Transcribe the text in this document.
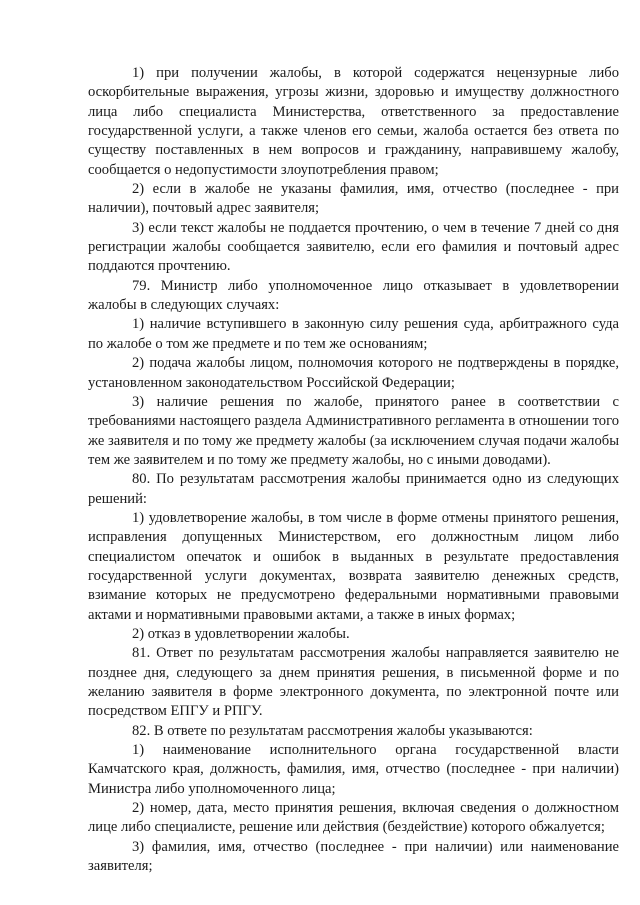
1) при получении жалобы, в которой содержатся нецензурные либо оскорбительные выражения, угрозы жизни, здоровью и имуществу должностного лица либо специалиста Министерства, ответственного за предоставление государственной услуги, а также членов его семьи, жалоба остается без ответа по существу поставленных в нем вопросов и гражданину, направившему жалобу, сообщается о недопустимости злоупотребления правом;

2) если в жалобе не указаны фамилия, имя, отчество (последнее - при наличии), почтовый адрес заявителя;

3) если текст жалобы не поддается прочтению, о чем в течение 7 дней со дня регистрации жалобы сообщается заявителю, если его фамилия и почтовый адрес поддаются прочтению.

79. Министр либо уполномоченное лицо отказывает в удовлетворении жалобы в следующих случаях:

1) наличие вступившего в законную силу решения суда, арбитражного суда по жалобе о том же предмете и по тем же основаниям;

2) подача жалобы лицом, полномочия которого не подтверждены в порядке, установленном законодательством Российской Федерации;

3) наличие решения по жалобе, принятого ранее в соответствии с требованиями настоящего раздела Административного регламента в отношении того же заявителя и по тому же предмету жалобы (за исключением случая подачи жалобы тем же заявителем и по тому же предмету жалобы, но с иными доводами).

80. По результатам рассмотрения жалобы принимается одно из следующих решений:

1) удовлетворение жалобы, в том числе в форме отмены принятого решения, исправления допущенных Министерством, его должностным лицом либо специалистом опечаток и ошибок в выданных в результате предоставления государственной услуги документах, возврата заявителю денежных средств, взимание которых не предусмотрено федеральными нормативными правовыми актами и нормативными правовыми актами, а также в иных формах;

2) отказ в удовлетворении жалобы.

81. Ответ по результатам рассмотрения жалобы направляется заявителю не позднее дня, следующего за днем принятия решения, в письменной форме и по желанию заявителя в форме электронного документа, по электронной почте или посредством ЕПГУ и РПГУ.

82. В ответе по результатам рассмотрения жалобы указываются:

1) наименование исполнительного органа государственной власти Камчатского края, должность, фамилия, имя, отчество (последнее - при наличии) Министра либо уполномоченного лица;

2) номер, дата, место принятия решения, включая сведения о должностном лице либо специалисте, решение или действия (бездействие) которого обжалуется;

3) фамилия, имя, отчество (последнее - при наличии) или наименование заявителя;
